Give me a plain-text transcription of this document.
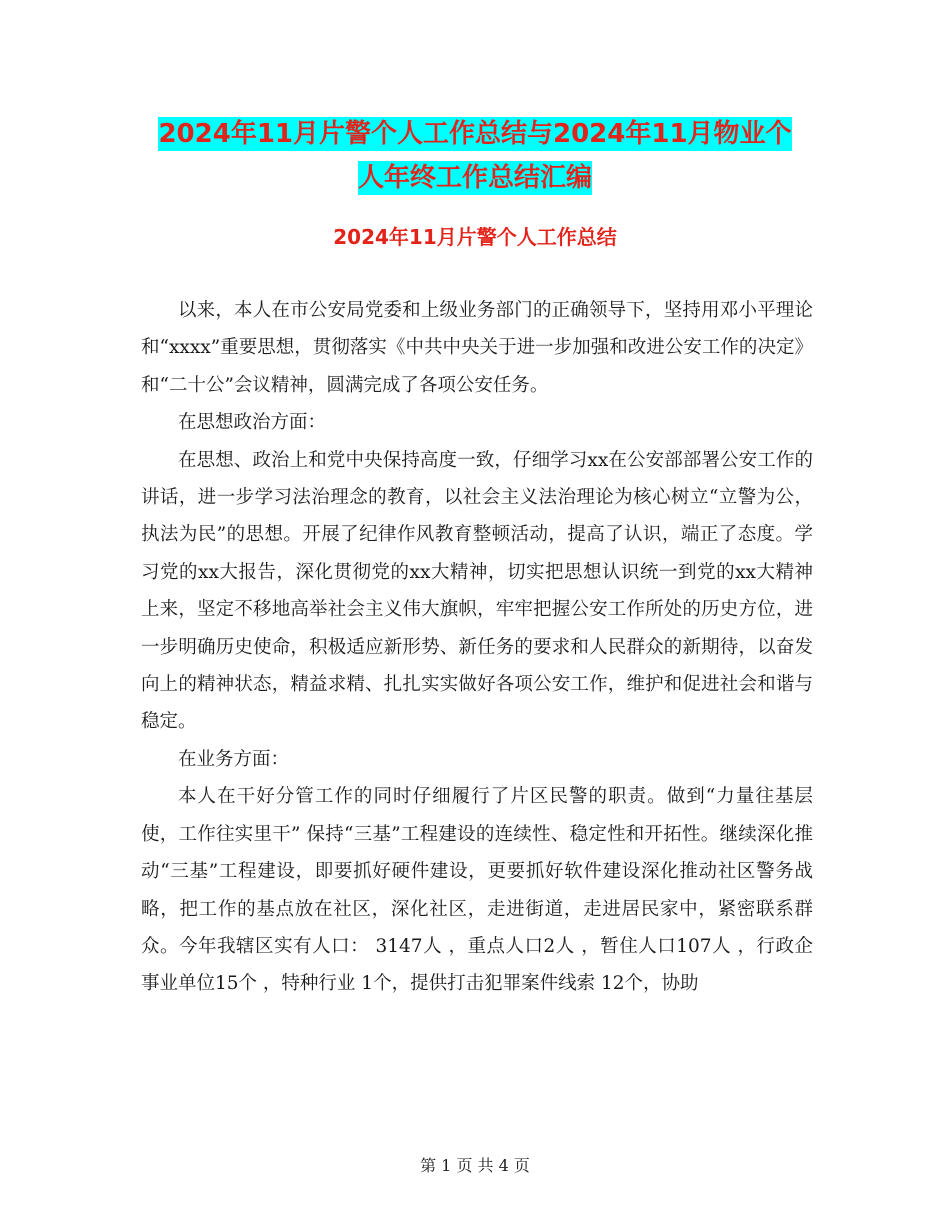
2024年11月片警个人工作总结与2024年11月物业个
人年终工作总结汇编
2024年11月片警个人工作总结

以来，本人在市公安局党委和上级业务部门的正确领导下，坚持用邓小平理论和“xxxx”重要思想，贯彻落实《中共中央关于进一步加强和改进公安工作的决定》和“二十公”会议精神，圆满完成了各项公安任务。

在思想政治方面：

在思想、政治上和党中央保持高度一致，仔细学习xx在公安部部署公安工作的讲话，进一步学习法治理念的教育，以社会主义法治理论为核心树立“立警为公，执法为民”的思想。开展了纪律作风教育整顿活动，提高了认识，端正了态度。学习党的xx大报告，深化贯彻党的xx大精神，切实把思想认识统一到党的xx大精神上来，坚定不移地高举社会主义伟大旗帜，牢牢把握公安工作所处的历史方位，进一步明确历史使命，积极适应新形势、新任务的要求和人民群众的新期待，以奋发向上的精神状态，精益求精、扎扎实实做好各项公安工作，维护和促进社会和谐与稳定。

在业务方面：

本人在干好分管工作的同时仔细履行了片区民警的职责。做到“力量往基层使，工作往实里干” 保持“三基”工程建设的连续性、稳定性和开拓性。继续深化推动“三基”工程建设，即要抓好硬件建设，更要抓好软件建设深化推动社区警务战略，把工作的基点放在社区，深化社区，走进街道，走进居民家中，紧密联系群众。今年我辖区实有人口： 3147人 ，重点人口2人 ，暂住人口107人 ，行政企事业单位15个 ，特种行业 1个，提供打击犯罪案件线索 12个，协助

第 1 页 共 4 页
